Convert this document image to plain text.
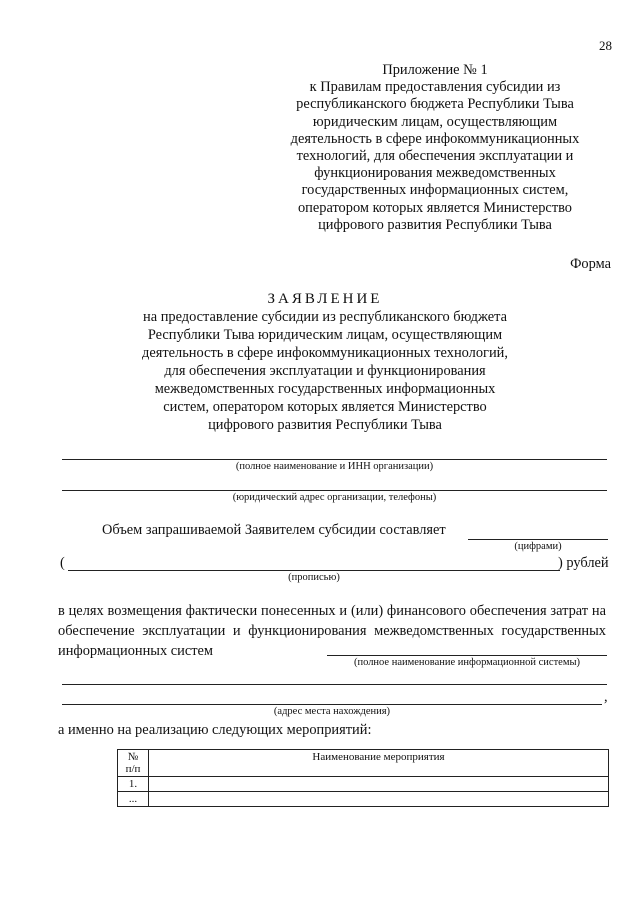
28
Приложение № 1
к Правилам предоставления субсидии из
республиканского бюджета Республики Тыва
юридическим лицам, осуществляющим
деятельность в сфере инфокоммуникационных
технологий, для обеспечения эксплуатации и
функционирования межведомственных
государственных информационных систем,
оператором которых является Министерство
цифрового развития Республики Тыва
Форма
ЗАЯВЛЕНИЕ
на предоставление субсидии из республиканского бюджета
Республики Тыва юридическим лицам, осуществляющим
деятельность в сфере инфокоммуникационных технологий,
для обеспечения эксплуатации и функционирования
межведомственных государственных информационных
систем, оператором которых является Министерство
цифрового развития Республики Тыва
(полное наименование и ИНН организации)
(юридический адрес организации, телефоны)
Объем запрашиваемой Заявителем субсидии составляет
(цифрами)
(	) рублей
(прописью)
в целях возмещения фактически понесенных и (или) финансового обеспечения затрат на обеспечение эксплуатации и функционирования межведомственных государственных информационных систем
(полное наименование информационной системы)
,
(адрес места нахождения)
а именно на реализацию следующих мероприятий:
№ п/п	Наименование мероприятия
1.	
...	
